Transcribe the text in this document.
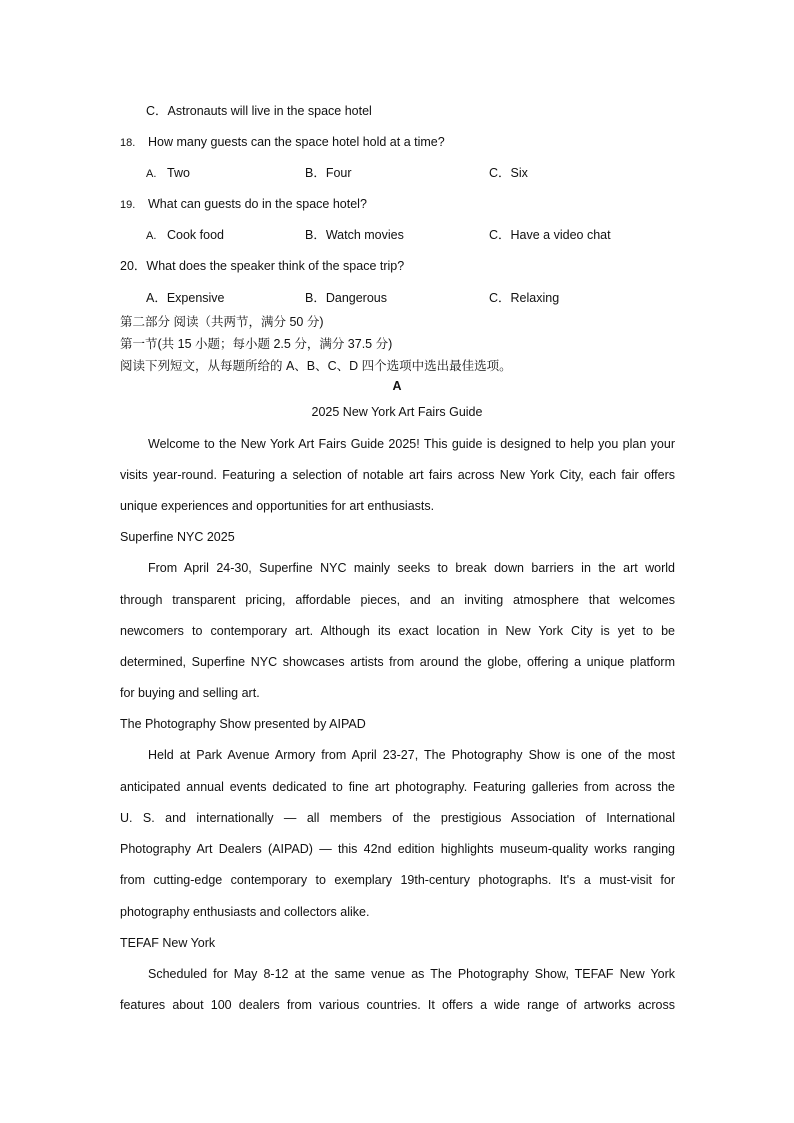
C．Astronauts will live in the space hotel
18. How many guests can the space hotel hold at a time?
A. Two	B．Four	C．Six
19. What can guests do in the space hotel?
A. Cook food	B．Watch movies	C．Have a video chat
20．What does the speaker think of the space trip?
A．Expensive	B．Dangerous	C．Relaxing
第二部分 阅读（共两节，满分 50 分)
第一节(共 15 小题；每小题 2.5 分，满分 37.5 分)
阅读下列短文，从每题所给的 A、B、C、D 四个选项中选出最佳选项。
A
2025 New York Art Fairs Guide
Welcome to the New York Art Fairs Guide 2025! This guide is designed to help you plan your
visits year-round. Featuring a selection of notable art fairs across New York City, each fair offers
unique experiences and opportunities for art enthusiasts.
Superfine NYC 2025
From April 24-30, Superfine NYC mainly seeks to break down barriers in the art world
through transparent pricing, affordable pieces, and an inviting atmosphere that welcomes
newcomers to contemporary art. Although its exact location in New York City is yet to be
determined, Superfine NYC showcases artists from around the globe, offering a unique platform
for buying and selling art.
The Photography Show presented by AIPAD
Held at Park Avenue Armory from April 23-27, The Photography Show is one of the most
anticipated annual events dedicated to fine art photography. Featuring galleries from across the
U. S. and internationally — all members of the prestigious Association of International
Photography Art Dealers (AIPAD) — this 42nd edition highlights museum-quality works ranging
from cutting-edge contemporary to exemplary 19th-century photographs. It's a must-visit for
photography enthusiasts and collectors alike.
TEFAF New York
Scheduled for May 8-12 at the same venue as The Photography Show, TEFAF New York
features about 100 dealers from various countries. It offers a wide range of artworks across
